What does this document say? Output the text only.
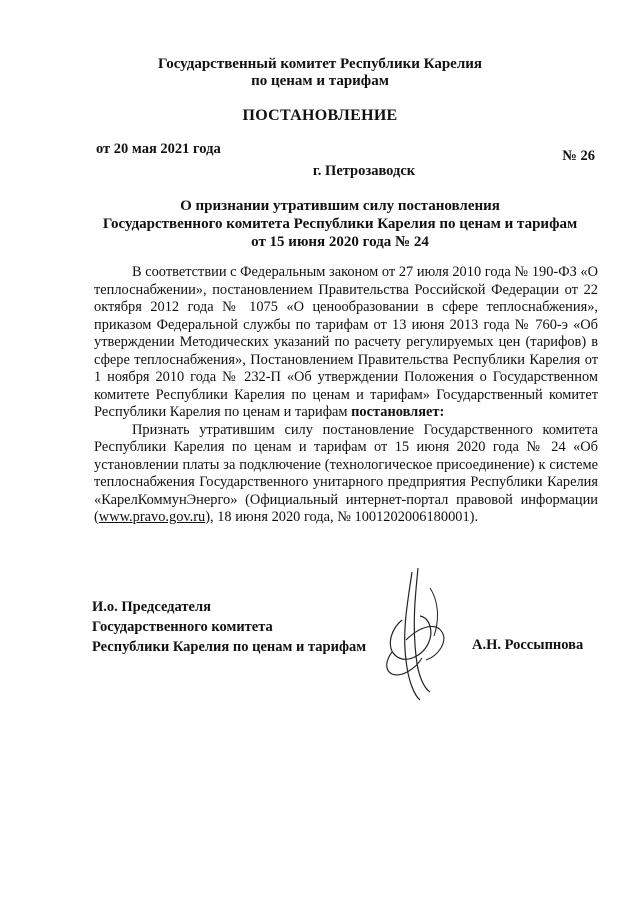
Государственный комитет Республики Карелия
по ценам и тарифам
ПОСТАНОВЛЕНИЕ
от 20 мая 2021 года	№ 26
г. Петрозаводск
О признании утратившим силу постановления
Государственного комитета Республики Карелия по ценам и тарифам
от 15 июня 2020 года № 24

В соответствии с Федеральным законом от 27 июля 2010 года № 190-ФЗ «О теплоснабжении», постановлением Правительства Российской Федерации от 22 октября 2012 года № 1075 «О ценообразовании в сфере теплоснабжения», приказом Федеральной службы по тарифам от 13 июня 2013 года № 760-э «Об утверждении Методических указаний по расчету регулируемых цен (тарифов) в сфере теплоснабжения», Постановлением Правительства Республики Карелия от 1 ноября 2010 года № 232-П «Об утверждении Положения о Государственном комитете Республики Карелия по ценам и тарифам» Государственный комитет Республики Карелия по ценам и тарифам постановляет:

Признать утратившим силу постановление Государственного комитета Республики Карелия по ценам и тарифам от 15 июня 2020 года № 24 «Об установлении платы за подключение (технологическое присоединение) к системе теплоснабжения Государственного унитарного предприятия Республики Карелия «КарелКоммунЭнерго» (Официальный интернет-портал правовой информации (www.pravo.gov.ru), 18 июня 2020 года, № 1001202006180001).

И.о. Председателя
Государственного комитета
Республики Карелия по ценам и тарифам	А.Н. Россыпнова
